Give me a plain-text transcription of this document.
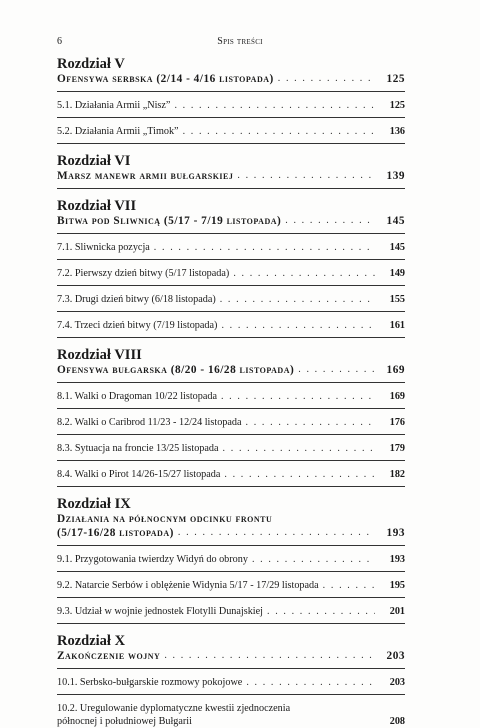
6	Spis treści
Rozdział V
Ofensywa serbska (2/14 - 4/16 listopada) . . .	125
5.1. Działania Armii „Nisz” . . .	125
5.2. Działania Armii „Timok” . . .	136
Rozdział VI
Marsz manewr armii bułgarskiej . . .	139
Rozdział VII
Bitwa pod Sliwnicą (5/17 - 7/19 listopada) . . .	145
7.1. Sliwnicka pozycja . . .	145
7.2. Pierwszy dzień bitwy (5/17 listopada) . . .	149
7.3. Drugi dzień bitwy (6/18 listopada) . . .	155
7.4. Trzeci dzień bitwy (7/19 listopada) . . .	161
Rozdział VIII
Ofensywa bułgarska (8/20 - 16/28 listopada) . . .	169
8.1. Walki o Dragoman 10/22 listopada . . .	169
8.2. Walki o Caribrod 11/23 - 12/24 listopada . . .	176
8.3. Sytuacja na froncie 13/25 listopada . . .	179
8.4. Walki o Pirot 14/26-15/27 listopada . . .	182
Rozdział IX
Działania na północnym odcinku frontu
(5/17-16/28 listopada) . . .	193
9.1. Przygotowania twierdzy Widyń do obrony . . .	193
9.2. Natarcie Serbów i oblężenie Widynia 5/17 - 17/29 listopada . . .	195
9.3. Udział w wojnie jednostek Flotylli Dunajskiej . . .	201
Rozdział X
Zakończenie wojny . . .	203
10.1. Serbsko-bułgarskie rozmowy pokojowe . . .	203
10.2. Uregulowanie dyplomatyczne kwestii zjednoczenia
północnej i południowej Bułgarii	208
